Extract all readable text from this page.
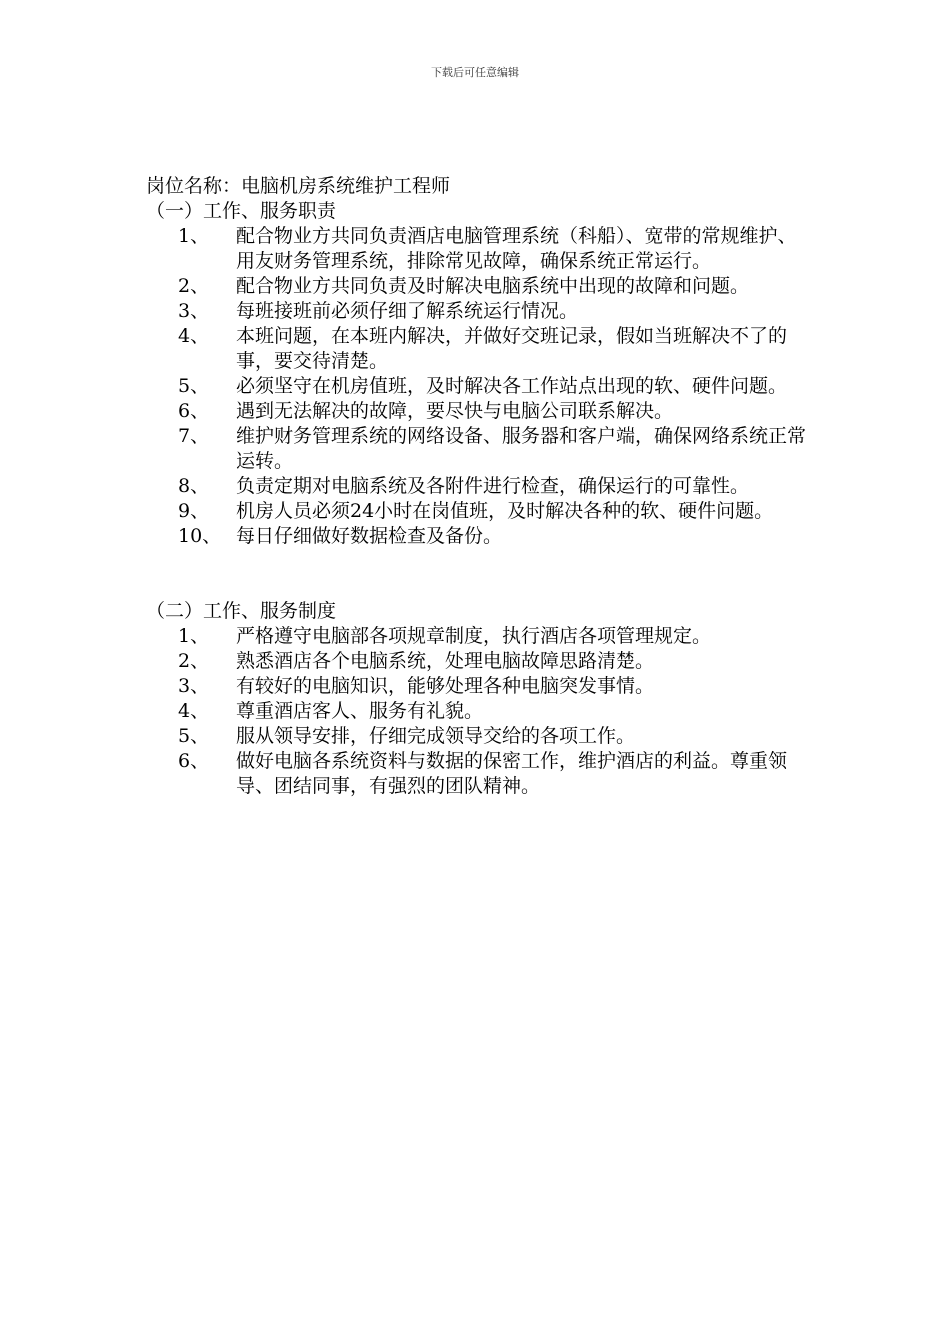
下载后可任意编辑
岗位名称：电脑机房系统维护工程师
（一）工作、服务职责
1、	配合物业方共同负责酒店电脑管理系统（科船）、宽带的常规维护、用友财务管理系统，排除常见故障，确保系统正常运行。
2、	配合物业方共同负责及时解决电脑系统中出现的故障和问题。
3、	每班接班前必须仔细了解系统运行情况。
4、	本班问题，在本班内解决，并做好交班记录，假如当班解决不了的事，要交待清楚。
5、	必须坚守在机房值班，及时解决各工作站点出现的软、硬件问题。
6、	遇到无法解决的故障，要尽快与电脑公司联系解决。
7、	维护财务管理系统的网络设备、服务器和客户端，确保网络系统正常运转。
8、	负责定期对电脑系统及各附件进行检查，确保运行的可靠性。
9、	机房人员必须24小时在岗值班，及时解决各种的软、硬件问题。
10、 每日仔细做好数据检查及备份。
（二）工作、服务制度
1、	严格遵守电脑部各项规章制度，执行酒店各项管理规定。
2、	熟悉酒店各个电脑系统，处理电脑故障思路清楚。
3、	有较好的电脑知识，能够处理各种电脑突发事情。
4、	尊重酒店客人、服务有礼貌。
5、	服从领导安排，仔细完成领导交给的各项工作。
6、	做好电脑各系统资料与数据的保密工作，维护酒店的利益。尊重领导、团结同事，有强烈的团队精神。
